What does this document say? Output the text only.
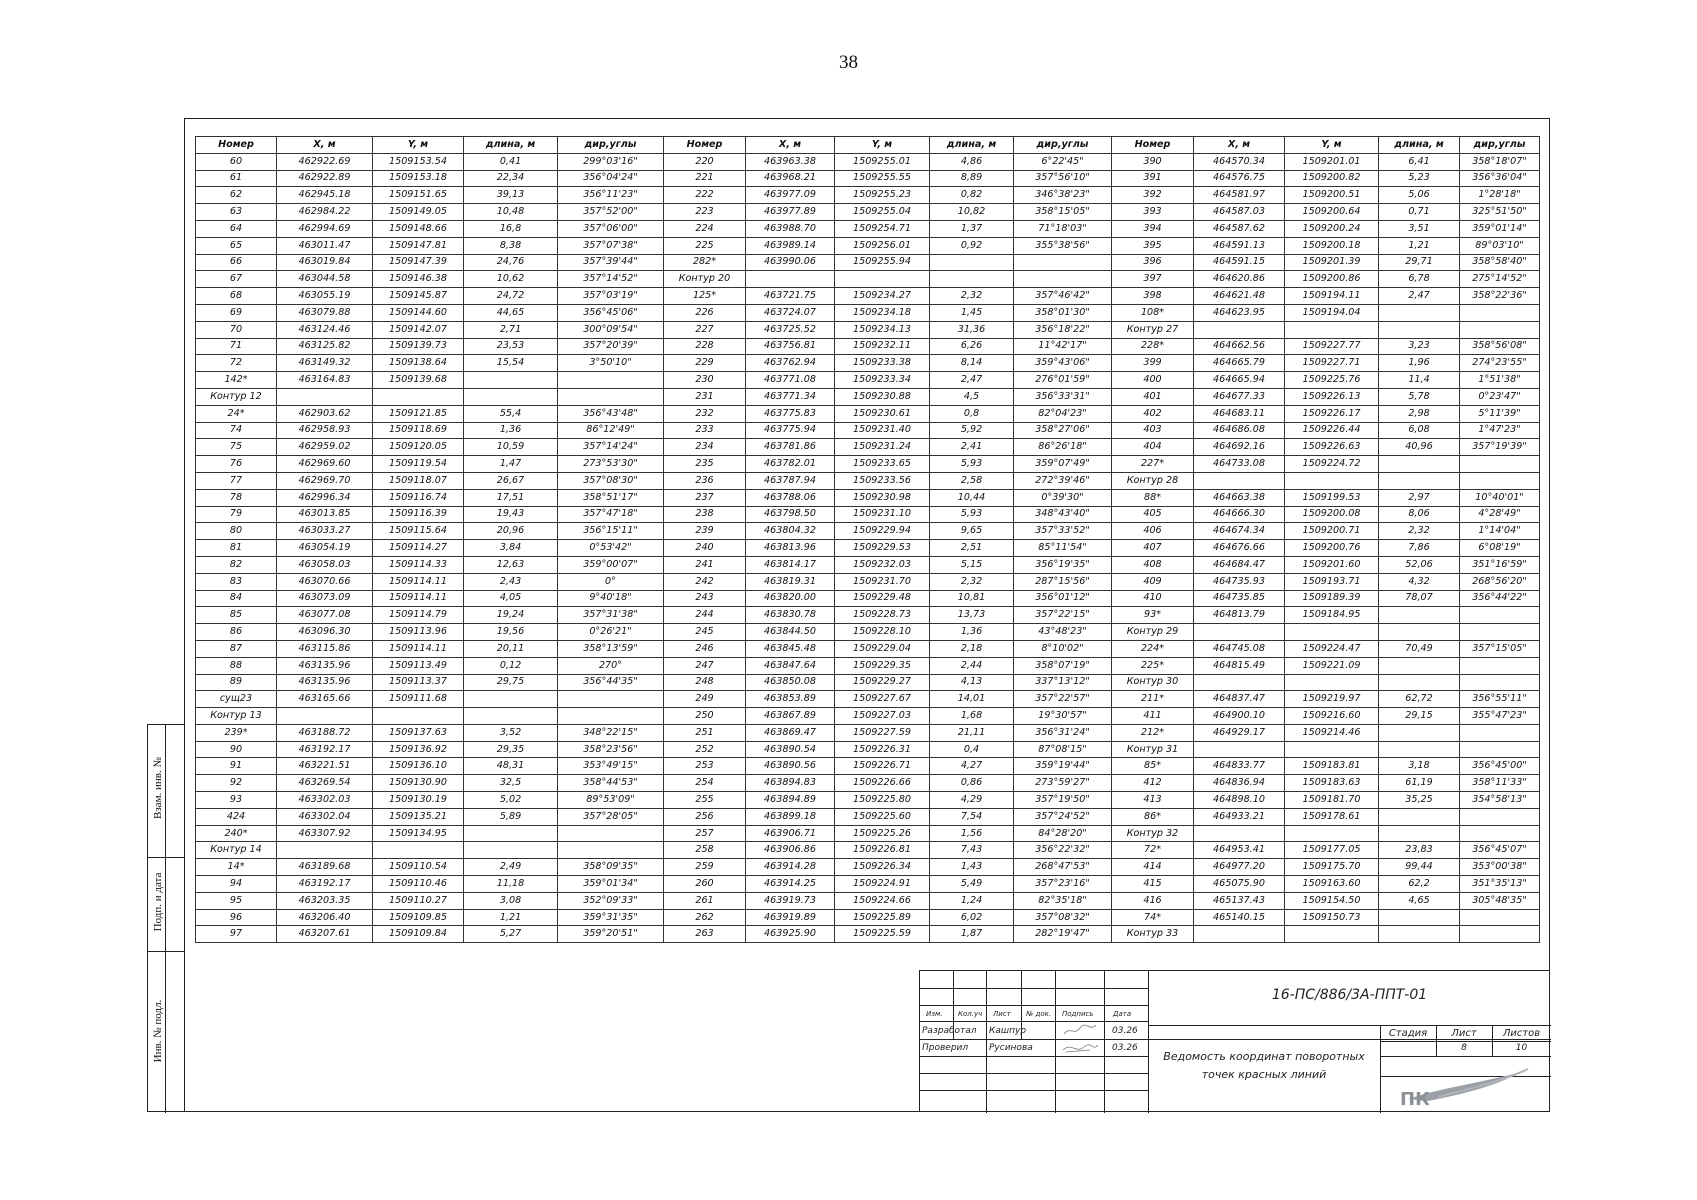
38
Взам. инв. №
Подп. и дата
Инв. № подл.
Номер	X, м	Y, м	длина, м	дир,углы	Номер	X, м	Y, м	длина, м	дир,углы	Номер	X, м	Y, м	длина, м	дир,углы
60	462922.69	1509153.54	0,41	299°03'16"	220	463963.38	1509255.01	4,86	6°22'45"	390	464570.34	1509201.01	6,41	358°18'07"
61	462922.89	1509153.18	22,34	356°04'24"	221	463968.21	1509255.55	8,89	357°56'10"	391	464576.75	1509200.82	5,23	356°36'04"
62	462945.18	1509151.65	39,13	356°11'23"	222	463977.09	1509255.23	0,82	346°38'23"	392	464581.97	1509200.51	5,06	1°28'18"
63	462984.22	1509149.05	10,48	357°52'00"	223	463977.89	1509255.04	10,82	358°15'05"	393	464587.03	1509200.64	0,71	325°51'50"
64	462994.69	1509148.66	16,8	357°06'00"	224	463988.70	1509254.71	1,37	71°18'03"	394	464587.62	1509200.24	3,51	359°01'14"
65	463011.47	1509147.81	8,38	357°07'38"	225	463989.14	1509256.01	0,92	355°38'56"	395	464591.13	1509200.18	1,21	89°03'10"
66	463019.84	1509147.39	24,76	357°39'44"	282*	463990.06	1509255.94			396	464591.15	1509201.39	29,71	358°58'40"
67	463044.58	1509146.38	10,62	357°14'52"	Контур 20					397	464620.86	1509200.86	6,78	275°14'52"
68	463055.19	1509145.87	24,72	357°03'19"	125*	463721.75	1509234.27	2,32	357°46'42"	398	464621.48	1509194.11	2,47	358°22'36"
69	463079.88	1509144.60	44,65	356°45'06"	226	463724.07	1509234.18	1,45	358°01'30"	108*	464623.95	1509194.04		
70	463124.46	1509142.07	2,71	300°09'54"	227	463725.52	1509234.13	31,36	356°18'22"	Контур 27				
71	463125.82	1509139.73	23,53	357°20'39"	228	463756.81	1509232.11	6,26	11°42'17"	228*	464662.56	1509227.77	3,23	358°56'08"
72	463149.32	1509138.64	15,54	3°50'10"	229	463762.94	1509233.38	8,14	359°43'06"	399	464665.79	1509227.71	1,96	274°23'55"
142*	463164.83	1509139.68			230	463771.08	1509233.34	2,47	276°01'59"	400	464665.94	1509225.76	11,4	1°51'38"
Контур 12					231	463771.34	1509230.88	4,5	356°33'31"	401	464677.33	1509226.13	5,78	0°23'47"
24*	462903.62	1509121.85	55,4	356°43'48"	232	463775.83	1509230.61	0,8	82°04'23"	402	464683.11	1509226.17	2,98	5°11'39"
74	462958.93	1509118.69	1,36	86°12'49"	233	463775.94	1509231.40	5,92	358°27'06"	403	464686.08	1509226.44	6,08	1°47'23"
75	462959.02	1509120.05	10,59	357°14'24"	234	463781.86	1509231.24	2,41	86°26'18"	404	464692.16	1509226.63	40,96	357°19'39"
76	462969.60	1509119.54	1,47	273°53'30"	235	463782.01	1509233.65	5,93	359°07'49"	227*	464733.08	1509224.72		
77	462969.70	1509118.07	26,67	357°08'30"	236	463787.94	1509233.56	2,58	272°39'46"	Контур 28				
78	462996.34	1509116.74	17,51	358°51'17"	237	463788.06	1509230.98	10,44	0°39'30"	88*	464663.38	1509199.53	2,97	10°40'01"
79	463013.85	1509116.39	19,43	357°47'18"	238	463798.50	1509231.10	5,93	348°43'40"	405	464666.30	1509200.08	8,06	4°28'49"
80	463033.27	1509115.64	20,96	356°15'11"	239	463804.32	1509229.94	9,65	357°33'52"	406	464674.34	1509200.71	2,32	1°14'04"
81	463054.19	1509114.27	3,84	0°53'42"	240	463813.96	1509229.53	2,51	85°11'54"	407	464676.66	1509200.76	7,86	6°08'19"
82	463058.03	1509114.33	12,63	359°00'07"	241	463814.17	1509232.03	5,15	356°19'35"	408	464684.47	1509201.60	52,06	351°16'59"
83	463070.66	1509114.11	2,43	0°	242	463819.31	1509231.70	2,32	287°15'56"	409	464735.93	1509193.71	4,32	268°56'20"
84	463073.09	1509114.11	4,05	9°40'18"	243	463820.00	1509229.48	10,81	356°01'12"	410	464735.85	1509189.39	78,07	356°44'22"
85	463077.08	1509114.79	19,24	357°31'38"	244	463830.78	1509228.73	13,73	357°22'15"	93*	464813.79	1509184.95		
86	463096.30	1509113.96	19,56	0°26'21"	245	463844.50	1509228.10	1,36	43°48'23"	Контур 29				
87	463115.86	1509114.11	20,11	358°13'59"	246	463845.48	1509229.04	2,18	8°10'02"	224*	464745.08	1509224.47	70,49	357°15'05"
88	463135.96	1509113.49	0,12	270°	247	463847.64	1509229.35	2,44	358°07'19"	225*	464815.49	1509221.09		
89	463135.96	1509113.37	29,75	356°44'35"	248	463850.08	1509229.27	4,13	337°13'12"	Контур 30				
сущ23	463165.66	1509111.68			249	463853.89	1509227.67	14,01	357°22'57"	211*	464837.47	1509219.97	62,72	356°55'11"
Контур 13					250	463867.89	1509227.03	1,68	19°30'57"	411	464900.10	1509216.60	29,15	355°47'23"
239*	463188.72	1509137.63	3,52	348°22'15"	251	463869.47	1509227.59	21,11	356°31'24"	212*	464929.17	1509214.46		
90	463192.17	1509136.92	29,35	358°23'56"	252	463890.54	1509226.31	0,4	87°08'15"	Контур 31				
91	463221.51	1509136.10	48,31	353°49'15"	253	463890.56	1509226.71	4,27	359°19'44"	85*	464833.77	1509183.81	3,18	356°45'00"
92	463269.54	1509130.90	32,5	358°44'53"	254	463894.83	1509226.66	0,86	273°59'27"	412	464836.94	1509183.63	61,19	358°11'33"
93	463302.03	1509130.19	5,02	89°53'09"	255	463894.89	1509225.80	4,29	357°19'50"	413	464898.10	1509181.70	35,25	354°58'13"
424	463302.04	1509135.21	5,89	357°28'05"	256	463899.18	1509225.60	7,54	357°24'52"	86*	464933.21	1509178.61		
240*	463307.92	1509134.95			257	463906.71	1509225.26	1,56	84°28'20"	Контур 32				
Контур 14					258	463906.86	1509226.81	7,43	356°22'32"	72*	464953.41	1509177.05	23,83	356°45'07"
14*	463189.68	1509110.54	2,49	358°09'35"	259	463914.28	1509226.34	1,43	268°47'53"	414	464977.20	1509175.70	99,44	353°00'38"
94	463192.17	1509110.46	11,18	359°01'34"	260	463914.25	1509224.91	5,49	357°23'16"	415	465075.90	1509163.60	62,2	351°35'13"
95	463203.35	1509110.27	3,08	352°09'33"	261	463919.73	1509224.66	1,24	82°35'18"	416	465137.43	1509154.50	4,65	305°48'35"
96	463206.40	1509109.85	1,21	359°31'35"	262	463919.89	1509225.89	6,02	357°08'32"	74*	465140.15	1509150.73		
97	463207.61	1509109.84	5,27	359°20'51"	263	463925.90	1509225.59	1,87	282°19'47"	Контур 33				
Изм. Кол.уч Лист № док. Подпись	Дата
Разработал Кашпур	03.26
Проверил Русинова	03.26
16-ПС/886/3А-ППТ-01
Ведомость координат поворотных
точек красных линий
Стадия	Лист	Листов
8	10
ПК
